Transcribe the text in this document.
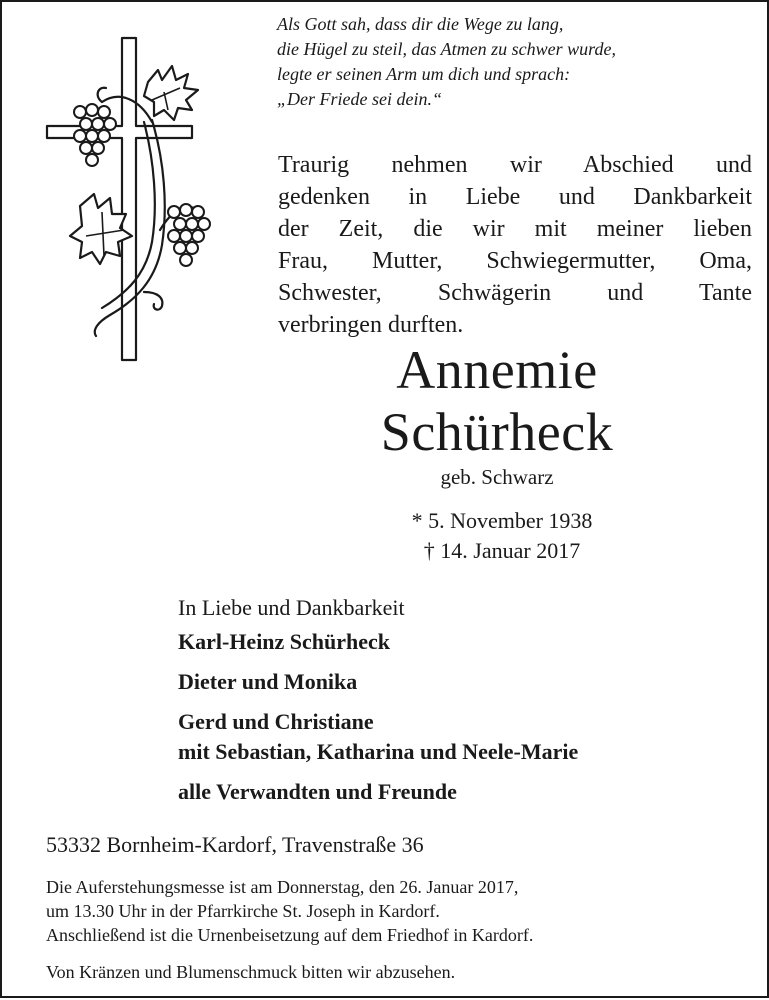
Als Gott sah, dass dir die Wege zu lang,
die Hügel zu steil, das Atmen zu schwer wurde,
legte er seinen Arm um dich und sprach:
„Der Friede sei dein.“
Traurig nehmen wir Abschied und
gedenken in Liebe und Dankbarkeit
der Zeit, die wir mit meiner lieben
Frau, Mutter, Schwiegermutter, Oma,
Schwester, Schwägerin und Tante
verbringen durften.
Annemie
Schürheck
geb. Schwarz
* 5. November 1938
† 14. Januar 2017
In Liebe und Dankbarkeit
Karl-Heinz Schürheck
Dieter und Monika
Gerd und Christiane
mit Sebastian, Katharina und Neele-Marie
alle Verwandten und Freunde
53332 Bornheim-Kardorf, Travenstraße 36
Die Auferstehungsmesse ist am Donnerstag, den 26. Januar 2017,
um 13.30 Uhr in der Pfarrkirche St. Joseph in Kardorf.
Anschließend ist die Urnenbeisetzung auf dem Friedhof in Kardorf.
Von Kränzen und Blumenschmuck bitten wir abzusehen.
